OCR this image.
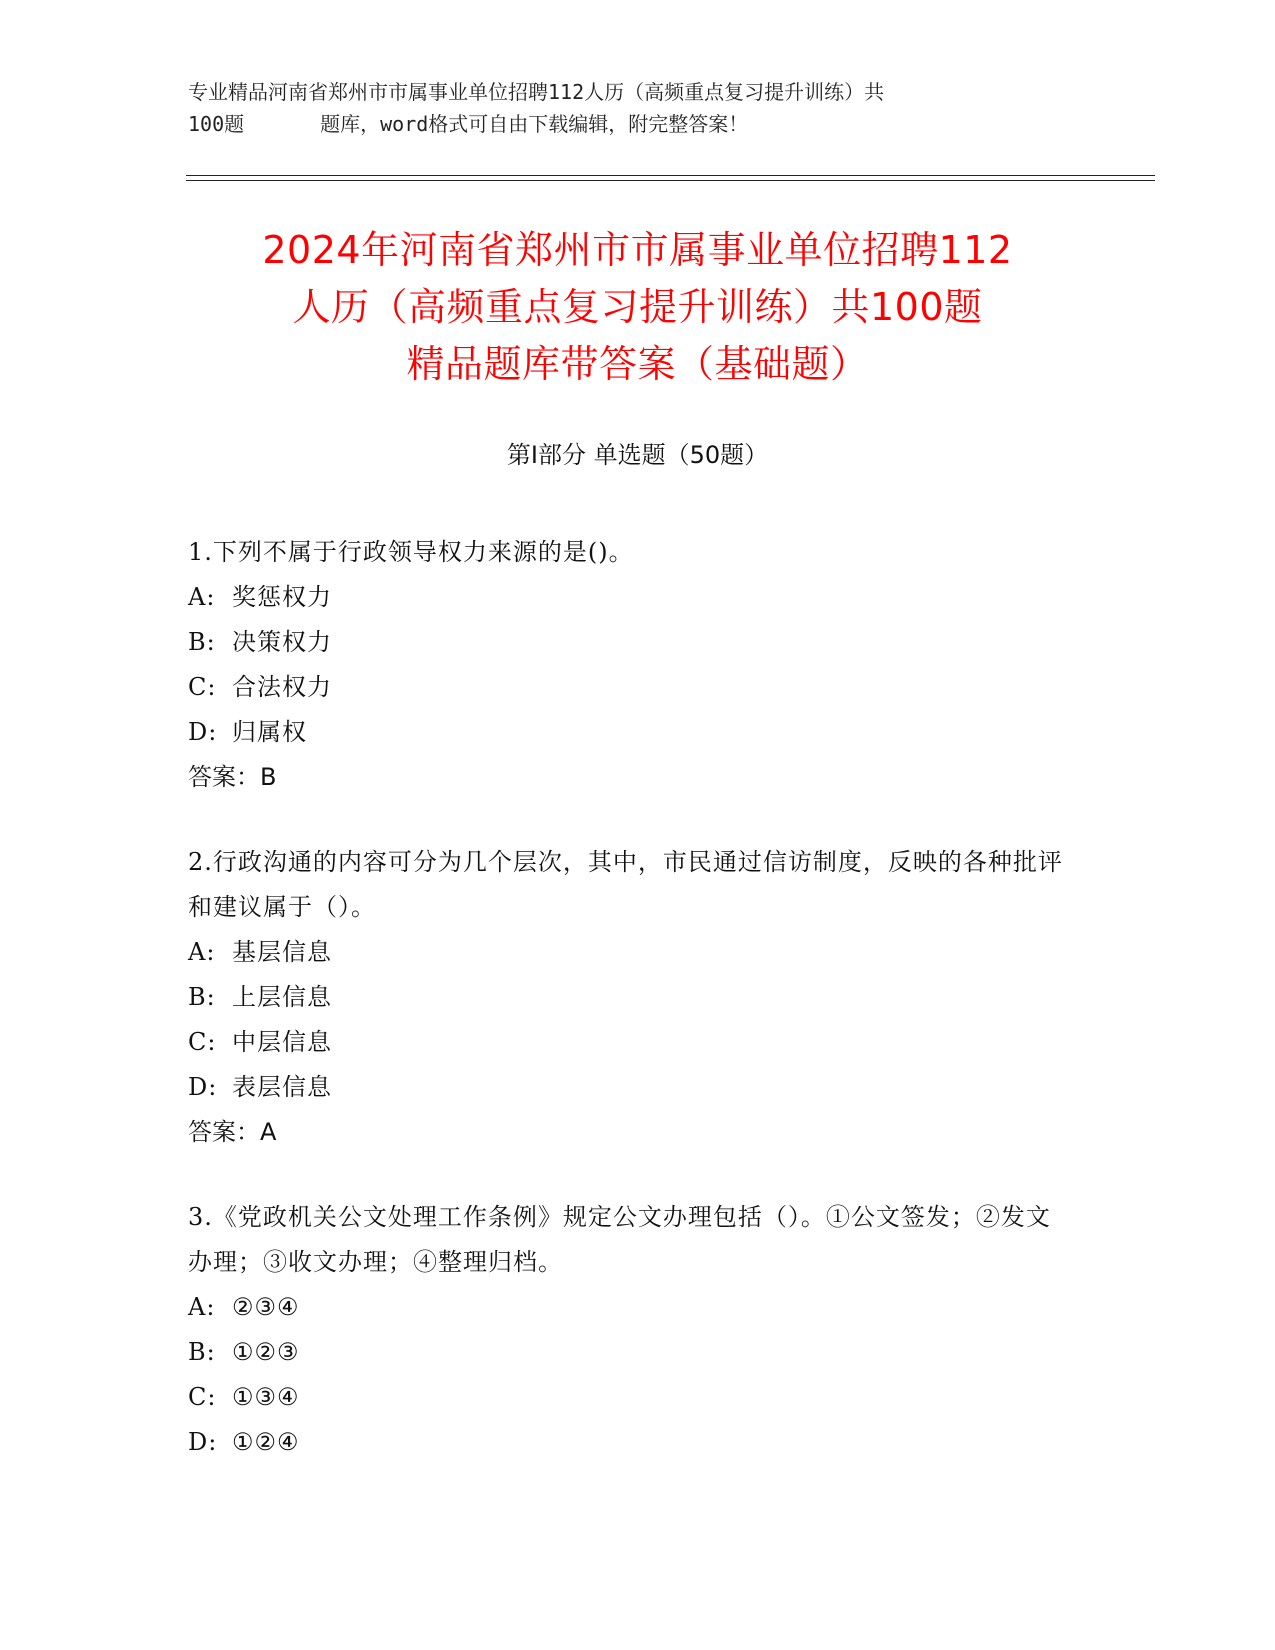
专业精品河南省郑州市市属事业单位招聘112人历（高频重点复习提升训练）共
100题	题库，word格式可自由下载编辑，附完整答案！
2024年河南省郑州市市属事业单位招聘112
人历（高频重点复习提升训练）共100题
精品题库带答案（基础题）
第Ⅰ部分 单选题（50题）
1.下列不属于行政领导权力来源的是()。
A: 奖惩权力
B: 决策权力
C: 合法权力
D: 归属权
答案：B
2.行政沟通的内容可分为几个层次，其中，市民通过信访制度，反映的各种批评和建议属于（）。
A: 基层信息
B: 上层信息
C: 中层信息
D: 表层信息
答案：A
3.《党政机关公文处理工作条例》规定公文办理包括（）。①公文签发；②发文办理；③收文办理；④整理归档。
A: ②③④
B: ①②③
C: ①③④
D: ①②④
